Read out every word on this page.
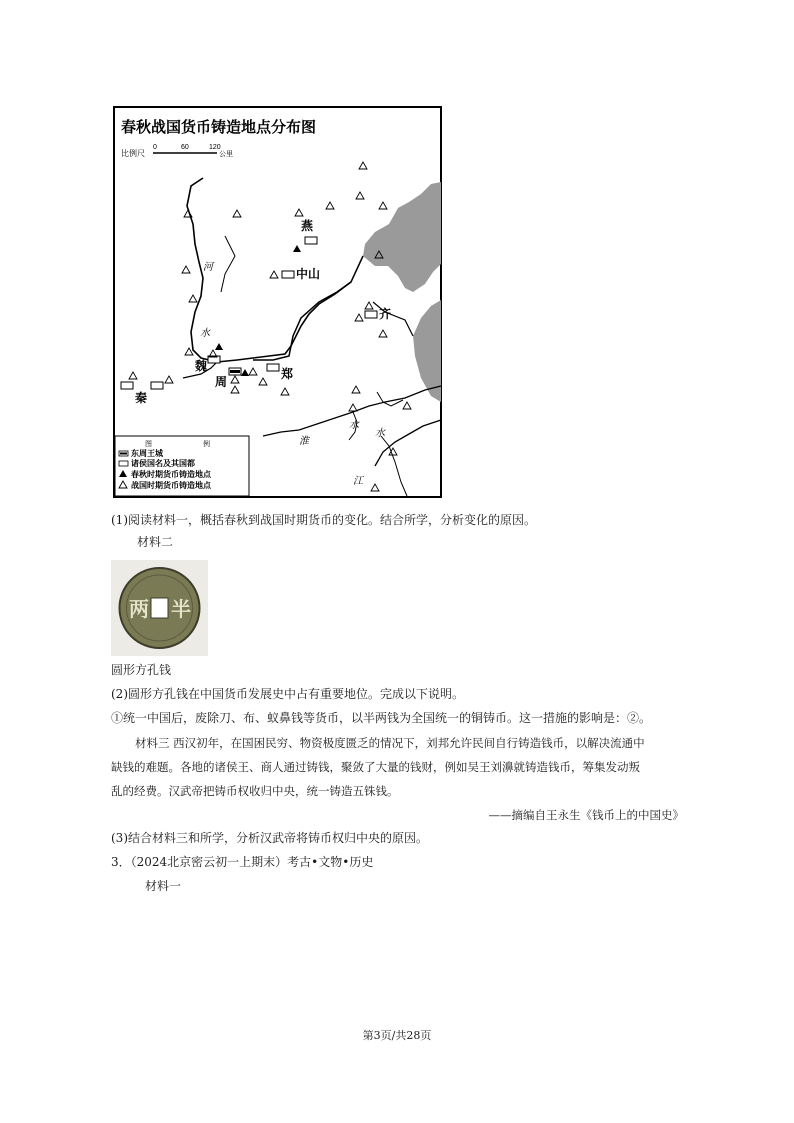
春秋战国货币铸造地点分布图
比例尺
0	60	120
公里
燕
中山
齐
魏
周
郑
秦
河
水
淮
水
水
江
图	例
东周王城
诸侯国名及其国都
春秋时期货币铸造地点
战国时期货币铸造地点
(1)阅读材料一，概括春秋到战国时期货币的变化。结合所学，分析变化的原因。
材料二
两 半
圆形方孔钱
(2)圆形方孔钱在中国货币发展史中占有重要地位。完成以下说明。
①统一中国后，废除刀、布、蚁鼻钱等货币，以半两钱为全国统一的铜铸币。这一措施的影响是：②。
材料三 西汉初年，在国困民穷、物资极度匮乏的情况下，刘邦允许民间自行铸造钱币，以解决流通中
缺钱的难题。各地的诸侯王、商人通过铸钱，聚敛了大量的钱财，例如吴王刘濞就铸造钱币，筹集发动叛
乱的经费。汉武帝把铸币权收归中央，统一铸造五铢钱。
——摘编自王永生《钱币上的中国史》
(3)结合材料三和所学，分析汉武帝将铸币权归中央的原因。
3．（2024北京密云初一上期末）考古•文物•历史
材料一
第3页/共28页
